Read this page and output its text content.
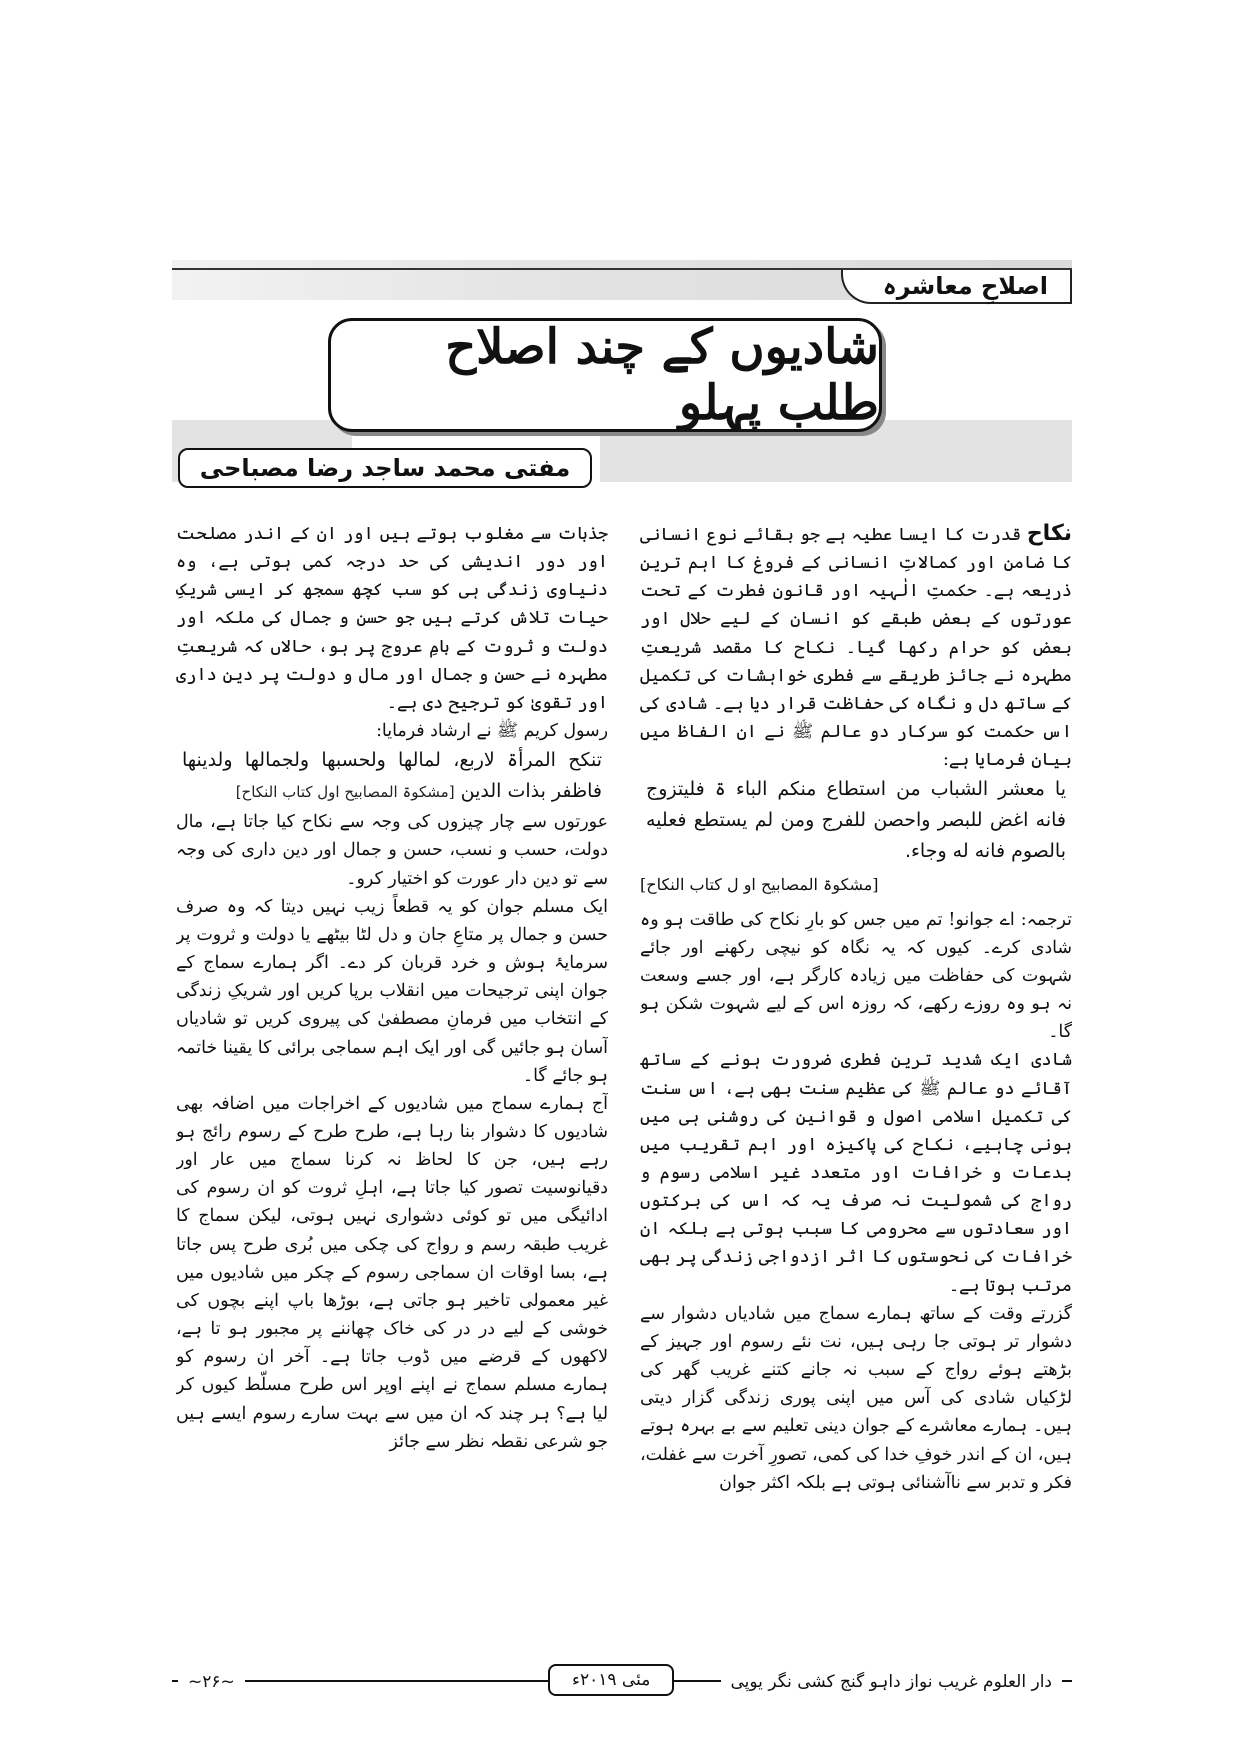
اصلاحِ معاشرہ
شادیوں کے چند اصلاح طلب پہلو
مفتی محمد ساجد رضا مصباحی

نکاح قدرت کا ایسا عطیہ ہے جو بقائے نوع انسانی کا ضامن اور کمالاتِ انسانی کے فروغ کا اہم ترین ذریعہ ہے۔ حکمتِ الٰہیہ اور قانون فطرت کے تحت عورتوں کے بعض طبقے کو انسان کے لیے حلال اور بعض کو حرام رکھا گیا۔ نکاح کا مقصد شریعتِ مطہرہ نے جائز طریقے سے فطری خواہشات کی تکمیل کے ساتھ دل و نگاہ کی حفاظت قرار دیا ہے۔ شادی کی اس حکمت کو سرکار دو عالم ﷺ نے ان الفاظ میں بیان فرمایا ہے:

یا معشر الشباب من استطاع منکم الباء ۃ فلیتزوج فانه اغض للبصر واحصن للفرج ومن لم یستطع فعلیه بالصوم فانه له وجاء.

[مشکوۃ المصابیح او ل کتاب النکاح]

ترجمہ: اے جوانو! تم میں جس کو بارِ نکاح کی طاقت ہو وہ شادی کرے۔ کیوں کہ یہ نگاہ کو نیچی رکھنے اور جائے شہوت کی حفاظت میں زیادہ کارگر ہے، اور جسے وسعت نہ ہو وہ روزے رکھے، کہ روزہ اس کے لیے شہوت شکن ہو گا۔

شادی ایک شدید ترین فطری ضرورت ہونے کے ساتھ آقائے دو عالم ﷺ کی عظیم سنت بھی ہے، اس سنت کی تکمیل اسلامی اصول و قوانین کی روشنی ہی میں ہونی چاہیے، نکاح کی پاکیزہ اور اہم تقریب میں بدعات و خرافات اور متعدد غیر اسلامی رسوم و رواج کی شمولیت نہ صرف یہ کہ اس کی برکتوں اور سعادتوں سے محرومی کا سبب ہوتی ہے بلکہ ان خرافات کی نحوستوں کا اثر ازدواجی زندگی پر بھی مرتب ہوتا ہے۔

گزرتے وقت کے ساتھ ہمارے سماج میں شادیاں دشوار سے دشوار تر ہوتی جا رہی ہیں، نت نئے رسوم اور جہیز کے بڑھتے ہوئے رواج کے سبب نہ جانے کتنے غریب گھر کی لڑکیاں شادی کی آس میں اپنی پوری زندگی گزار دیتی ہیں۔ ہمارے معاشرے کے جوان دینی تعلیم سے بے بہرہ ہوتے ہیں، ان کے اندر خوفِ خدا کی کمی، تصورِ آخرت سے غفلت، فکر و تدبر سے ناآشنائی ہوتی ہے بلکہ اکثر جوان

جذبات سے مغلوب ہوتے ہیں اور ان کے اندر مصلحت اور دور اندیشی کی حد درجہ کمی ہوتی ہے، وہ دنیاوی زندگی ہی کو سب کچھ سمجھ کر ایسی شریکِ حیات تلاش کرتے ہیں جو حسن و جمال کی ملکہ اور دولت و ثروت کے بامِ عروج پر ہو، حالاں کہ شریعتِ مطہرہ نے حسن و جمال اور مال و دولت پر دین داری اور تقویٰ کو ترجیح دی ہے۔

رسول کریم ﷺ نے ارشاد فرمایا:

تنکح المرأۃ لاربع، لمالها ولحسبها ولجمالها ولدینها فاظفر بذات الدین [مشکوۃ المصابیح اول کتاب النکاح]

عورتوں سے چار چیزوں کی وجہ سے نکاح کیا جاتا ہے، مال دولت، حسب و نسب، حسن و جمال اور دین داری کی وجہ سے تو دین دار عورت کو اختیار کرو۔

ایک مسلم جوان کو یہ قطعاً زیب نہیں دیتا کہ وہ صرف حسن و جمال پر متاعِ جان و دل لٹا بیٹھے یا دولت و ثروت پر سرمایۂ ہوش و خرد قربان کر دے۔ اگر ہمارے سماج کے جوان اپنی ترجیحات میں انقلاب برپا کریں اور شریکِ زندگی کے انتخاب میں فرمانِ مصطفیٰ کی پیروی کریں تو شادیاں آسان ہو جائیں گی اور ایک اہم سماجی برائی کا یقینا خاتمہ ہو جائے گا۔

آج ہمارے سماج میں شادیوں کے اخراجات میں اضافہ بھی شادیوں کا دشوار بنا رہا ہے، طرح طرح کے رسوم رائج ہو رہے ہیں، جن کا لحاظ نہ کرنا سماج میں عار اور دقیانوسیت تصور کیا جاتا ہے، اہلِ ثروت کو ان رسوم کی ادائیگی میں تو کوئی دشواری نہیں ہوتی، لیکن سماج کا غریب طبقہ رسم و رواج کی چکی میں بُری طرح پس جاتا ہے، بسا اوقات ان سماجی رسوم کے چکر میں شادیوں میں غیر معمولی تاخیر ہو جاتی ہے، بوڑھا باپ اپنے بچوں کی خوشی کے لیے در در کی خاک چھاننے پر مجبور ہو تا ہے، لاکھوں کے قرضے میں ڈوب جاتا ہے۔ آخر ان رسوم کو ہمارے مسلم سماج نے اپنے اوپر اس طرح مسلّط کیوں کر لیا ہے؟ ہر چند کہ ان میں سے بہت سارے رسوم ایسے ہیں جو شرعی نقطہ نظر سے جائز

~۲۶~	مئی ۲۰۱۹ء	دار العلوم غریب نواز داہو گنج کشی نگر یوپی
